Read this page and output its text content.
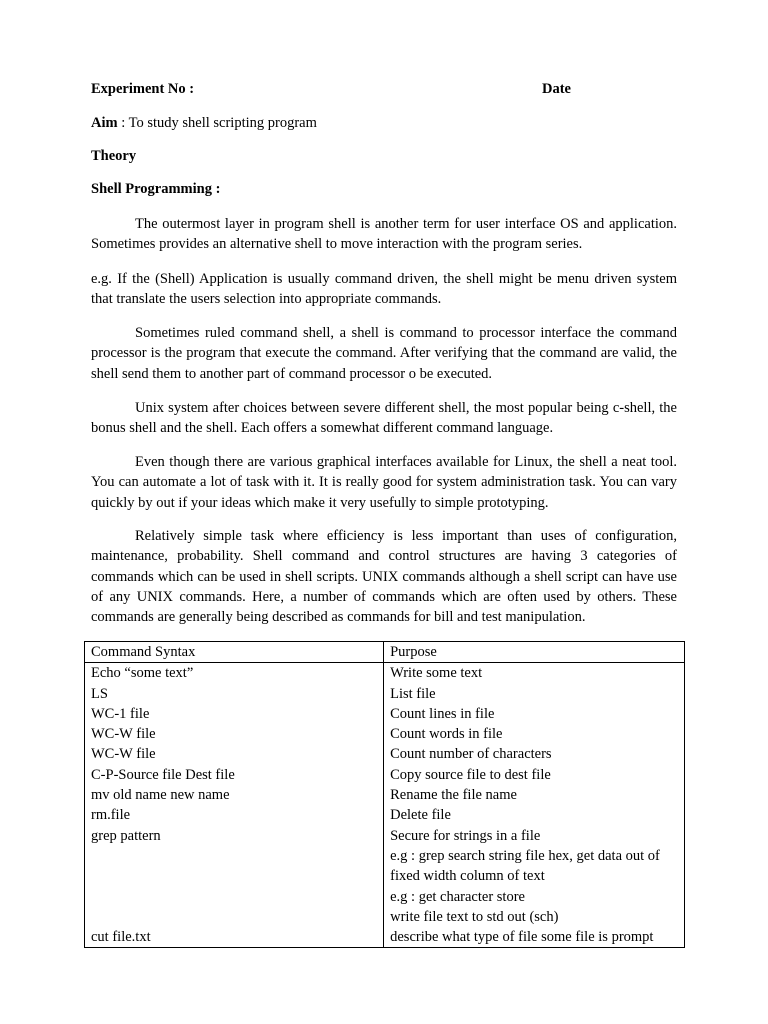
Experiment No :	Date
Aim : To study shell scripting program
Theory
Shell Programming :

The outermost layer in program shell is another term for user interface OS and application. Sometimes provides an alternative shell to move interaction with the program series.

e.g. If the (Shell) Application is usually command driven, the shell might be menu driven system that translate the users selection into appropriate commands.

Sometimes ruled command shell, a shell is command to processor interface the command processor is the program that execute the command. After verifying that the command are valid, the shell send them to another part of command processor o be executed.

Unix system after choices between severe different shell, the most popular being c-shell, the bonus shell and the shell. Each offers a somewhat different command language.

Even though there are various graphical interfaces available for Linux, the shell a neat tool. You can automate a lot of task with it. It is really good for system administration task. You can vary quickly by out if your ideas which make it very usefully to simple prototyping.

Relatively simple task where efficiency is less important than uses of configuration, maintenance, probability. Shell command and control structures are having 3 categories of commands which can be used in shell scripts. UNIX commands although a shell script can have use of any UNIX commands. Here, a number of commands which are often used by others. These commands are generally being described as commands for bill and test manipulation.

Command Syntax	Purpose
Echo “some text”	Write some text
LS	List file
WC-1 file	Count lines in file
WC-W file	Count words in file
WC-W file	Count number of characters
C-P-Source file Dest file	Copy source file to dest file
mv old name new name	Rename the file name
rm.file	Delete file
grep pattern	Secure for strings in a file
	e.g : grep search string file hex, get data out of
	fixed width column of text
	e.g : get character store
	write file text to std out (sch)
cut file.txt	describe what type of file some file is prompt
